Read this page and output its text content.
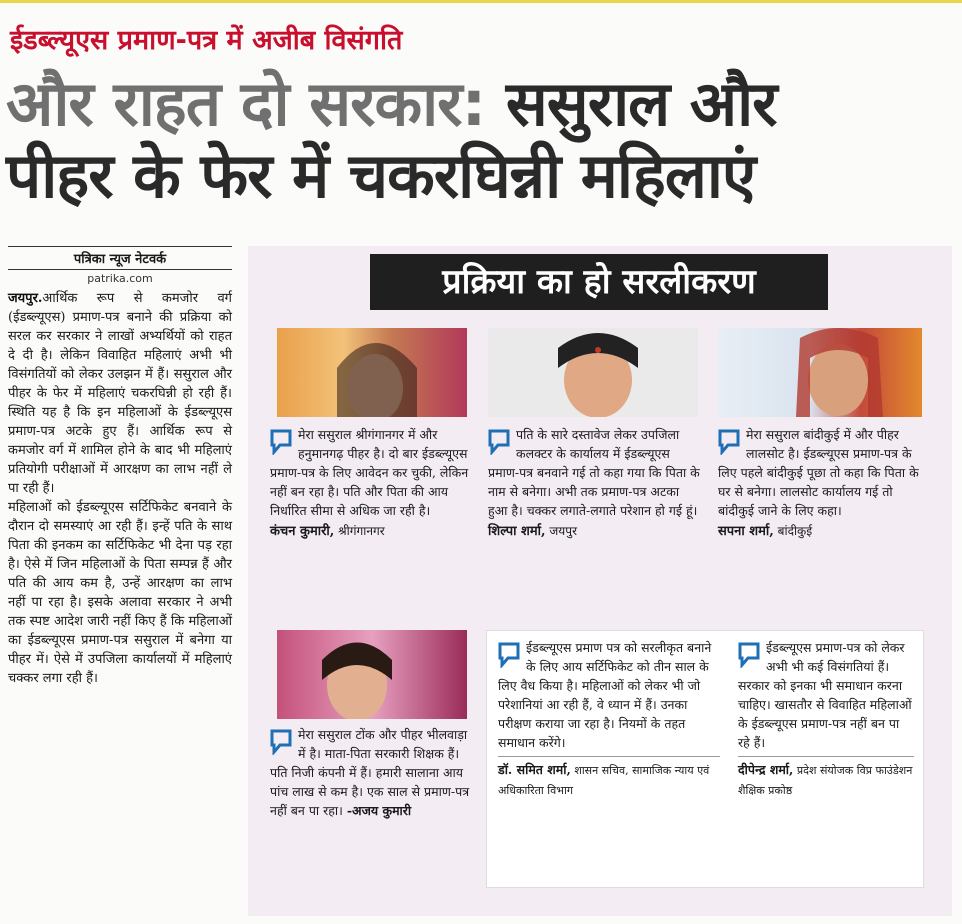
ईडब्ल्यूएस प्रमाण-पत्र में अजीब विसंगति
और राहत दो सरकार: ससुराल और
पीहर के फेर में चकरघिन्नी महिलाएं
पत्रिका न्यूज नेटवर्क
patrika.com

जयपुर.आर्थिक रूप से कमजोर वर्ग (ईडब्ल्यूएस) प्रमाण-पत्र बनाने की प्रक्रिया को सरल कर सरकार ने लाखों अभ्यर्थियों को राहत दे दी है। लेकिन विवाहित महिलाएं अभी भी विसंगतियों को लेकर उलझन में हैं। ससुराल और पीहर के फेर में महिलाएं चकरघिन्नी हो रही हैं। स्थिति यह है कि इन महिलाओं के ईडब्ल्यूएस प्रमाण-पत्र अटके हुए हैं। आर्थिक रूप से कमजोर वर्ग में शामिल होने के बाद भी महिलाएं प्रतियोगी परीक्षाओं में आरक्षण का लाभ नहीं ले पा रही हैं।

महिलाओं को ईडब्ल्यूएस सर्टिफिकेट बनवाने के दौरान दो समस्याएं आ रही हैं। इन्हें पति के साथ पिता की इनकम का सर्टिफिकेट भी देना पड़ रहा है। ऐसे में जिन महिलाओं के पिता सम्पन्न हैं और पति की आय कम है, उन्हें आरक्षण का लाभ नहीं पा रहा है। इसके अलावा सरकार ने अभी तक स्पष्ट आदेश जारी नहीं किए हैं कि महिलाओं का ईडब्ल्यूएस प्रमाण-पत्र ससुराल में बनेगा या पीहर में। ऐसे में उपजिला कार्यालयों में महिलाएं चक्कर लगा रही हैं।

प्रक्रिया का हो सरलीकरण
मेरा ससुराल श्रीगंगानगर में और हनुमानगढ़ पीहर है। दो बार ईडब्ल्यूएस प्रमाण-पत्र के लिए आवेदन कर चुकी, लेकिन नहीं बन रहा है। पति और पिता की आय निर्धारित सीमा से अधिक जा रही है।
कंचन कुमारी, श्रीगंगानगर
पति के सारे दस्तावेज लेकर उपजिला कलक्टर के कार्यालय में ईडब्ल्यूएस प्रमाण-पत्र बनवाने गई तो कहा गया कि पिता के नाम से बनेगा। अभी तक प्रमाण-पत्र अटका हुआ है। चक्कर लगाते-लगाते परेशान हो गई हूं।
शिल्पा शर्मा, जयपुर
मेरा ससुराल बांदीकुई में और पीहर लालसोट है। ईडब्ल्यूएस प्रमाण-पत्र के लिए पहले बांदीकुई पूछा तो कहा कि पिता के घर से बनेगा। लालसोट कार्यालय गई तो बांदीकुई जाने के लिए कहा।
सपना शर्मा, बांदीकुई
मेरा ससुराल टोंक और पीहर भीलवाड़ा में है। माता-पिता सरकारी शिक्षक हैं। पति निजी कंपनी में हैं। हमारी सालाना आय पांच लाख से कम है। एक साल से प्रमाण-पत्र नहीं बन पा रहा। -अजय कुमारी
ईडब्ल्यूएस प्रमाण पत्र को सरलीकृत बनाने के लिए आय सर्टिफिकेट को तीन साल के लिए वैध किया है। महिलाओं को लेकर भी जो परेशानियां आ रही हैं, वे ध्यान में हैं। उनका परीक्षण कराया जा रहा है। नियमों के तहत समाधान करेंगे।
डॉ. समित शर्मा, शासन सचिव, सामाजिक न्याय एवं अधिकारिता विभाग
ईडब्ल्यूएस प्रमाण-पत्र को लेकर अभी भी कई विसंगतियां हैं। सरकार को इनका भी समाधान करना चाहिए। खासतौर से विवाहित महिलाओं के ईडब्ल्यूएस प्रमाण-पत्र नहीं बन पा रहे हैं।
दीपेन्द्र शर्मा, प्रदेश संयोजक विप्र फाउंडेशन शैक्षिक प्रकोष्ठ
